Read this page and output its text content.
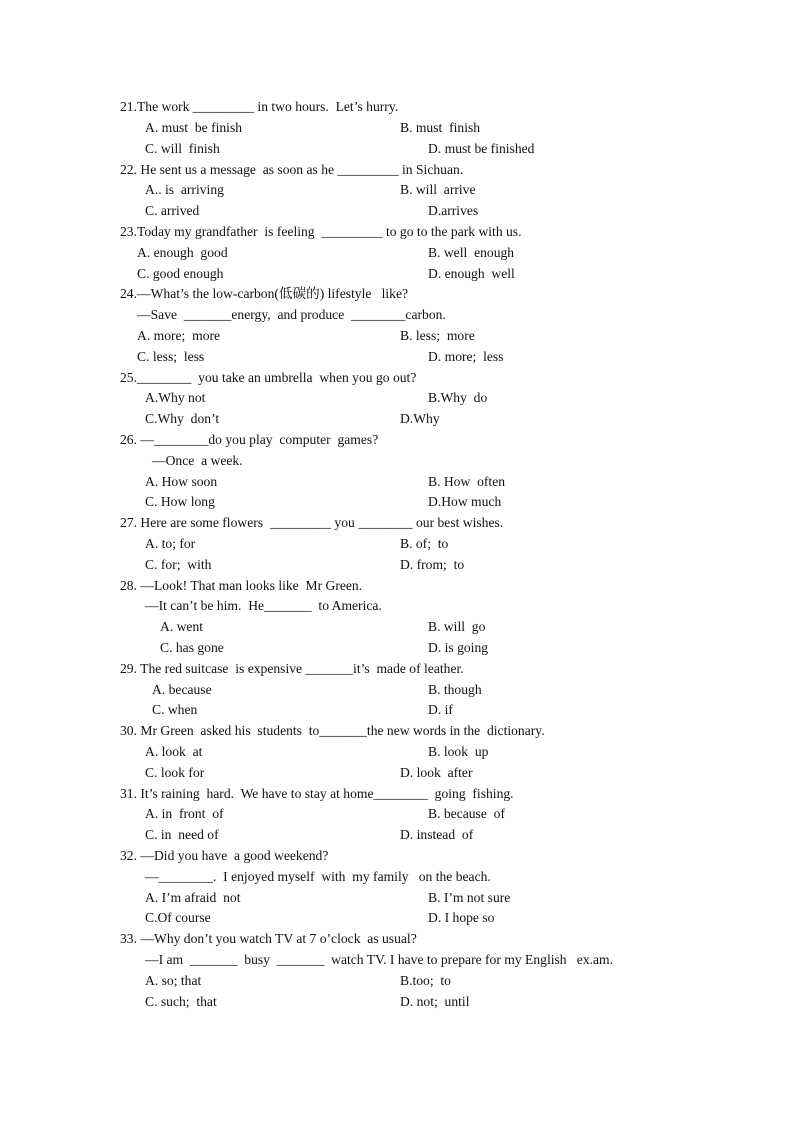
21.The work _________ in two hours.  Let’s hurry.
A. must  be finish	B. must  finish
C. will  finish	D. must be finished
22. He sent us a message  as soon as he _________ in Sichuan.
A.. is  arriving	B. will  arrive
C. arrived	D.arrives
23.Today my grandfather  is feeling  _________ to go to the park with us.
A. enough  good	B. well  enough
C. good enough	D. enough  well
24.—What’s the low-carbon(低碳的) lifestyle   like?
—Save  _______energy,  and produce  ________carbon.
A. more;  more	B. less;  more
C. less;  less	D. more;  less
25.________  you take an umbrella  when you go out?
A.Why not	B.Why  do
C.Why  don’t	D.Why
26. —________do you play  computer  games?
—Once  a week.
A. How soon	B. How  often
C. How long	D.How much
27. Here are some flowers  _________ you ________ our best wishes.
A. to; for	B. of;  to
C. for;  with	D. from;  to
28. —Look! That man looks like  Mr Green.
—It can’t be him.  He_______  to America.
A. went	B. will  go
C. has gone	D. is going
29. The red suitcase  is expensive _______it’s  made of leather.
A. because	B. though
C. when	D. if
30. Mr Green  asked his  students  to_______the new words in the  dictionary.
A. look  at	B. look  up
C. look for	D. look  after
31. It’s raining  hard.  We have to stay at home________  going  fishing.
A. in  front  of	B. because  of
C. in  need of	D. instead  of
32. —Did you have  a good weekend?
—________.  I enjoyed myself  with  my family   on the beach.
A. I’m afraid  not	B. I’m not sure
C.Of course	D. I hope so
33. —Why don’t you watch TV at 7 o’clock  as usual?
—I am  _______  busy  _______  watch TV. I have to prepare for my English   ex.am.
A. so; that	B.too;  to
C. such;  that	D. not;  until
